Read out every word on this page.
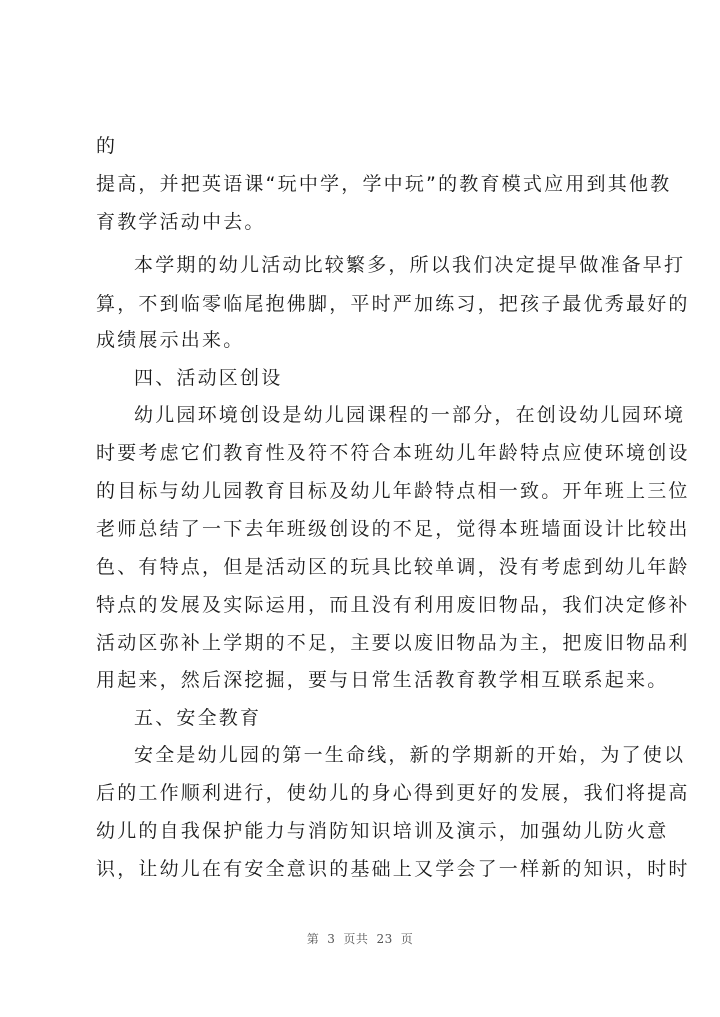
的
提高，并把英语课“玩中学，学中玩”的教育模式应用到其他教
育教学活动中去。
本学期的幼儿活动比较繁多，所以我们决定提早做准备早打
算，不到临零临尾抱佛脚，平时严加练习，把孩子最优秀最好的
成绩展示出来。
四、活动区创设
幼儿园环境创设是幼儿园课程的一部分，在创设幼儿园环境
时要考虑它们教育性及符不符合本班幼儿年龄特点应使环境创设
的目标与幼儿园教育目标及幼儿年龄特点相一致。开年班上三位
老师总结了一下去年班级创设的不足，觉得本班墙面设计比较出
色、有特点，但是活动区的玩具比较单调，没有考虑到幼儿年龄
特点的发展及实际运用，而且没有利用废旧物品，我们决定修补
活动区弥补上学期的不足，主要以废旧物品为主，把废旧物品利
用起来，然后深挖掘，要与日常生活教育教学相互联系起来。
五、安全教育
安全是幼儿园的第一生命线，新的学期新的开始，为了使以
后的工作顺利进行，使幼儿的身心得到更好的发展，我们将提高
幼儿的自我保护能力与消防知识培训及演示，加强幼儿防火意
识，让幼儿在有安全意识的基础上又学会了一样新的知识，时时
第 3 页共 23 页
